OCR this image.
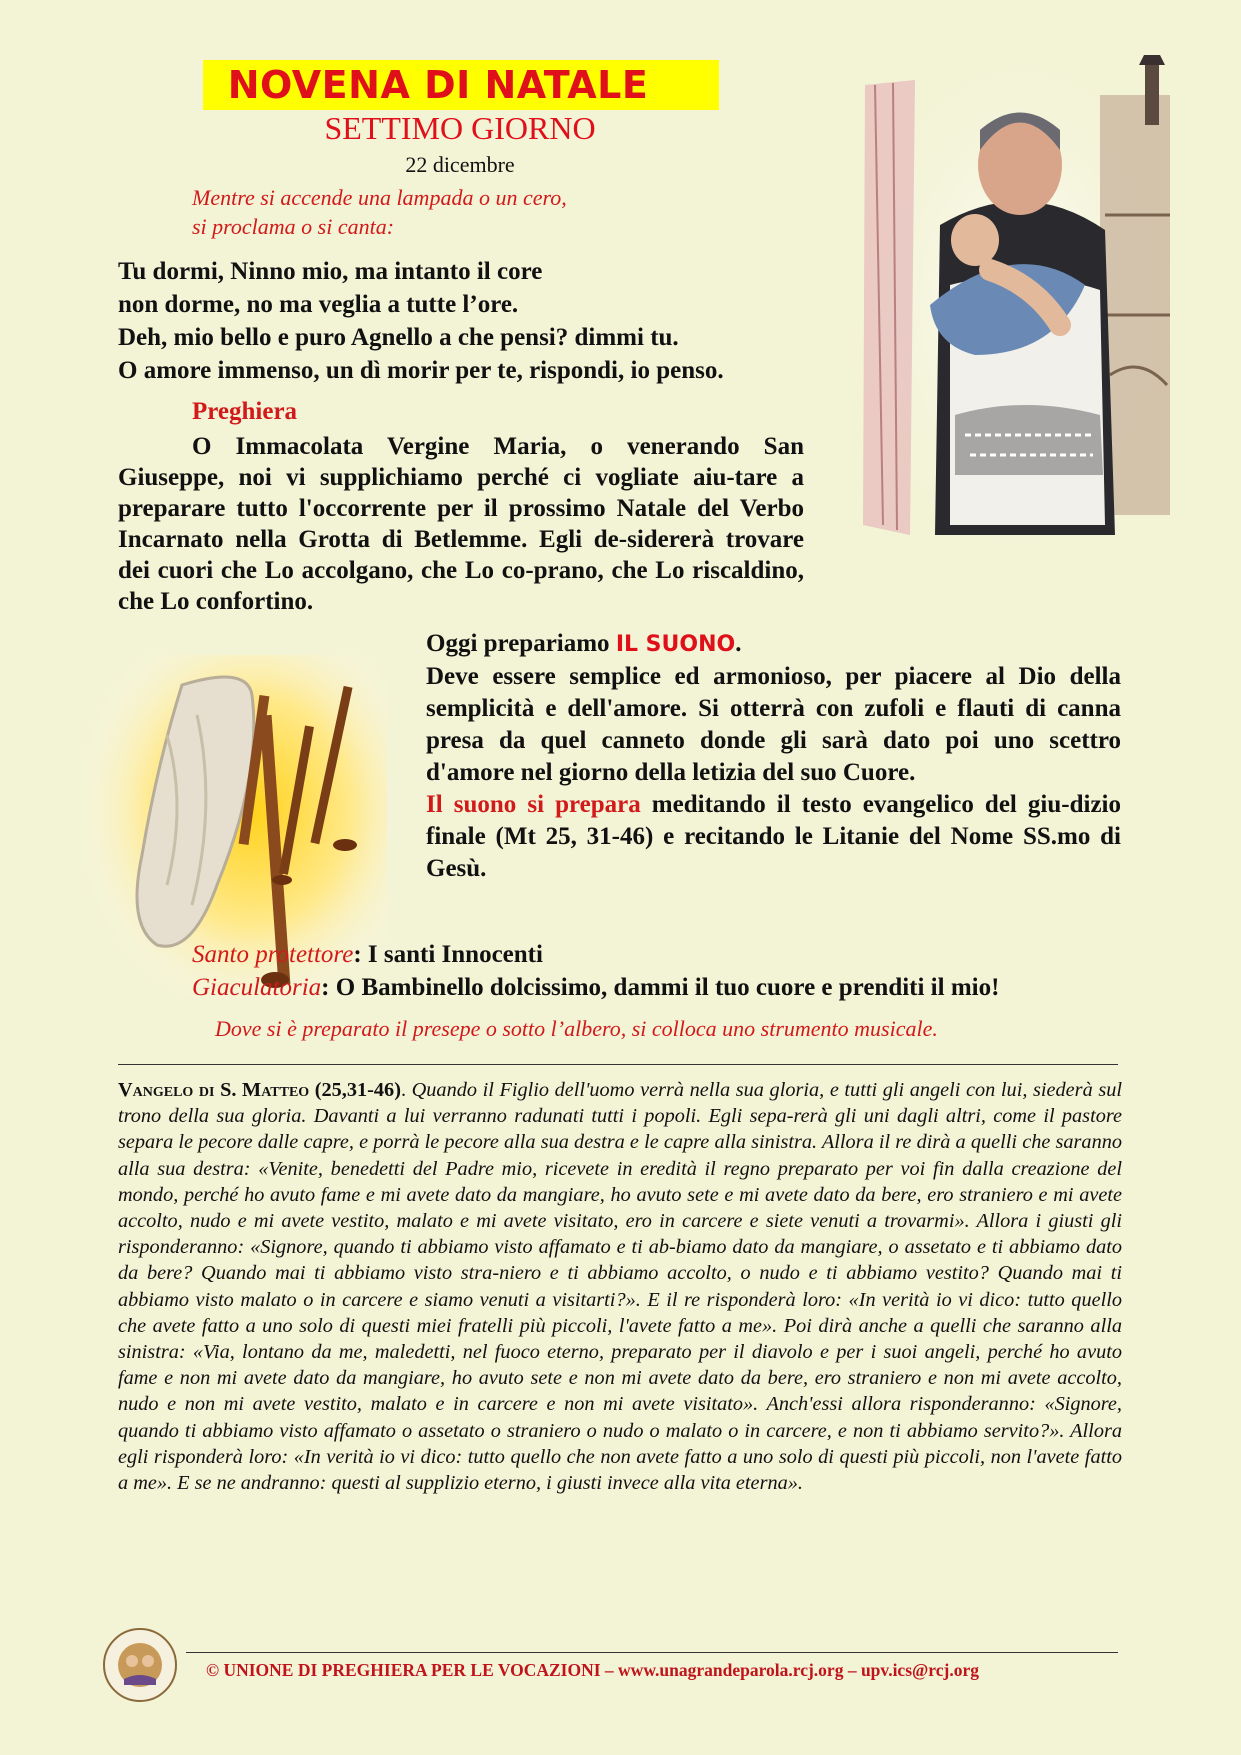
NOVENA DI NATALE
SETTIMO GIORNO
22 dicembre
Mentre si accende una lampada o un cero,
si proclama o si canta:
Tu dormi, Ninno mio, ma intanto il core
non dorme, no ma veglia a tutte l’ore.
Deh, mio bello e puro Agnello a che pensi? dimmi tu.
O amore immenso, un dì morir per te, rispondi, io penso.
Preghiera
O Immacolata Vergine Maria, o venerando San Giuseppe, noi vi supplichiamo perché ci vogliate aiu-tare a preparare tutto l'occorrente per il prossimo Natale del Verbo Incarnato nella Grotta di Betlemme. Egli de-sidererà trovare dei cuori che Lo accolgano, che Lo co-prano, che Lo riscaldino, che Lo confortino.
Oggi prepariamo IL SUONO.
Deve essere semplice ed armonioso, per piacere al Dio della semplicità e dell'amore. Si otterrà con zufoli e flauti di canna presa da quel canneto donde gli sarà dato poi uno scettro d'amore nel giorno della letizia del suo Cuore.
Il suono si prepara meditando il testo evangelico del giu-dizio finale (Mt 25, 31-46) e recitando le Litanie del Nome SS.mo di Gesù.
Santo protettore: I santi Innocenti
Giaculatoria: O Bambinello dolcissimo, dammi il tuo cuore e prenditi il mio!
Dove si è preparato il presepe o sotto l’albero, si colloca uno strumento musicale.
Vangelo di S. Matteo (25,31-46). Quando il Figlio dell'uomo verrà nella sua gloria, e tutti gli angeli con lui, siederà sul trono della sua gloria. Davanti a lui verranno radunati tutti i popoli. Egli sepa-rerà gli uni dagli altri, come il pastore separa le pecore dalle capre, e porrà le pecore alla sua destra e le capre alla sinistra. Allora il re dirà a quelli che saranno alla sua destra: «Venite, benedetti del Padre mio, ricevete in eredità il regno preparato per voi fin dalla creazione del mondo, perché ho avuto fame e mi avete dato da mangiare, ho avuto sete e mi avete dato da bere, ero straniero e mi avete accolto, nudo e mi avete vestito, malato e mi avete visitato, ero in carcere e siete venuti a trovarmi». Allora i giusti gli risponderanno: «Signore, quando ti abbiamo visto affamato e ti ab-biamo dato da mangiare, o assetato e ti abbiamo dato da bere? Quando mai ti abbiamo visto stra-niero e ti abbiamo accolto, o nudo e ti abbiamo vestito? Quando mai ti abbiamo visto malato o in carcere e siamo venuti a visitarti?». E il re risponderà loro: «In verità io vi dico: tutto quello che avete fatto a uno solo di questi miei fratelli più piccoli, l'avete fatto a me». Poi dirà anche a quelli che saranno alla sinistra: «Via, lontano da me, maledetti, nel fuoco eterno, preparato per il diavolo e per i suoi angeli, perché ho avuto fame e non mi avete dato da mangiare, ho avuto sete e non mi avete dato da bere, ero straniero e non mi avete accolto, nudo e non mi avete vestito, malato e in carcere e non mi avete visitato». Anch'essi allora risponderanno: «Signore, quando ti abbiamo visto affamato o assetato o straniero o nudo o malato o in carcere, e non ti abbiamo servito?». Allora egli risponderà loro: «In verità io vi dico: tutto quello che non avete fatto a uno solo di questi più piccoli, non l'avete fatto a me». E se ne andranno: questi al supplizio eterno, i giusti invece alla vita eterna».
© UNIONE DI PREGHIERA PER LE VOCAZIONI – www.unagrandeparola.rcj.org – upv.ics@rcj.org
